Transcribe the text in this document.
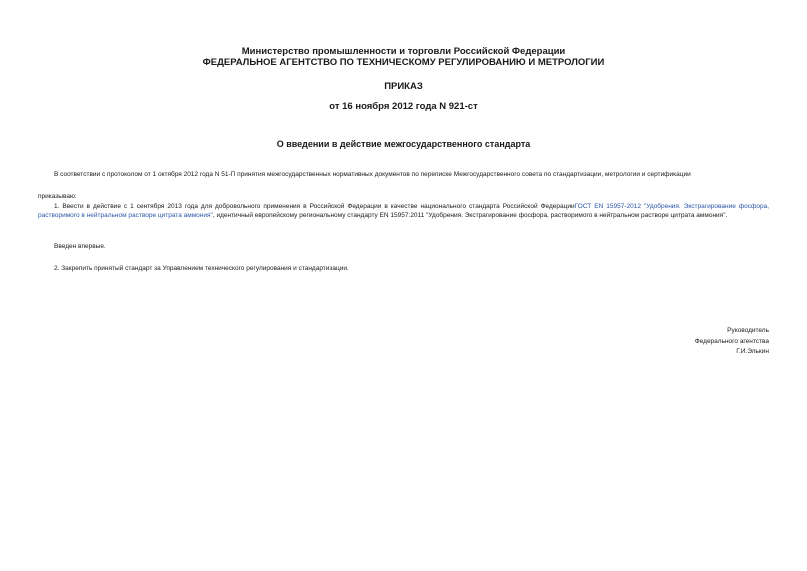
Министерство промышленности и торговли Российской Федерации
ФЕДЕРАЛЬНОЕ АГЕНТСТВО ПО ТЕХНИЧЕСКОМУ РЕГУЛИРОВАНИЮ И МЕТРОЛОГИИ
ПРИКАЗ
от 16 ноября 2012 года N 921-ст
О введении в действие межгосударственного стандарта
В соответствии с протоколом от 1 октября 2012 года N 51-П принятия межгосударственных нормативных документов по переписке Межгосударственного совета по стандартизации, метрологии и сертификации
приказываю:
1. Ввести в действие с 1 сентября 2013 года для добровольного применения в Российской Федерации в качестве национального стандарта Российской ФедерацииГОСТ EN 15957-2012 "Удобрения. Экстрагирование фосфора, растворимого в нейтральном растворе цитрата аммония", идентичный европейскому региональному стандарту EN 15957:2011 "Удобрения. Экстрагирование фосфора, растворимого в нейтральном растворе цитрата аммония".
Введен впервые.
2. Закрепить принятый стандарт за Управлением технического регулирования и стандартизации.
Руководитель
Федерального агентства
Г.И.Элькин
